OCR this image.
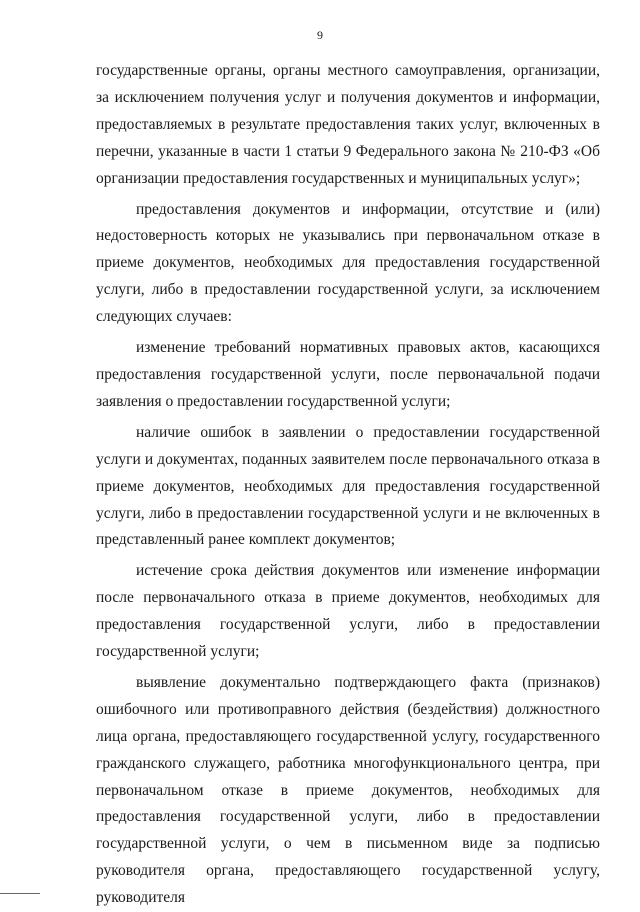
9

государственные органы, органы местного самоуправления, организации, за исключением получения услуг и получения документов и информации, предоставляемых в результате предоставления таких услуг, включенных в перечни, указанные в части 1 статьи 9 Федерального закона № 210-ФЗ «Об организации предоставления государственных и муниципальных услуг»;

предоставления документов и информации, отсутствие и (или) недостоверность которых не указывались при первоначальном отказе в приеме документов, необходимых для предоставления государственной услуги, либо в предоставлении государственной услуги, за исключением следующих случаев:

изменение требований нормативных правовых актов, касающихся предоставления государственной услуги, после первоначальной подачи заявления о предоставлении государственной услуги;

наличие ошибок в заявлении о предоставлении государственной услуги и документах, поданных заявителем после первоначального отказа в приеме документов, необходимых для предоставления государственной услуги, либо в предоставлении государственной услуги и не включенных в представленный ранее комплект документов;

истечение срока действия документов или изменение информации после первоначального отказа в приеме документов, необходимых для предоставления государственной услуги, либо в предоставлении государственной услуги;

выявление документально подтверждающего факта (признаков) ошибочного или противоправного действия (бездействия) должностного лица органа, предоставляющего государственной услугу, государственного гражданского служащего, работника многофункционального центра, при первоначальном отказе в приеме документов, необходимых для предоставления государственной услуги, либо в предоставлении государственной услуги, о чем в письменном виде за подписью руководителя органа, предоставляющего государственной услугу, руководителя
